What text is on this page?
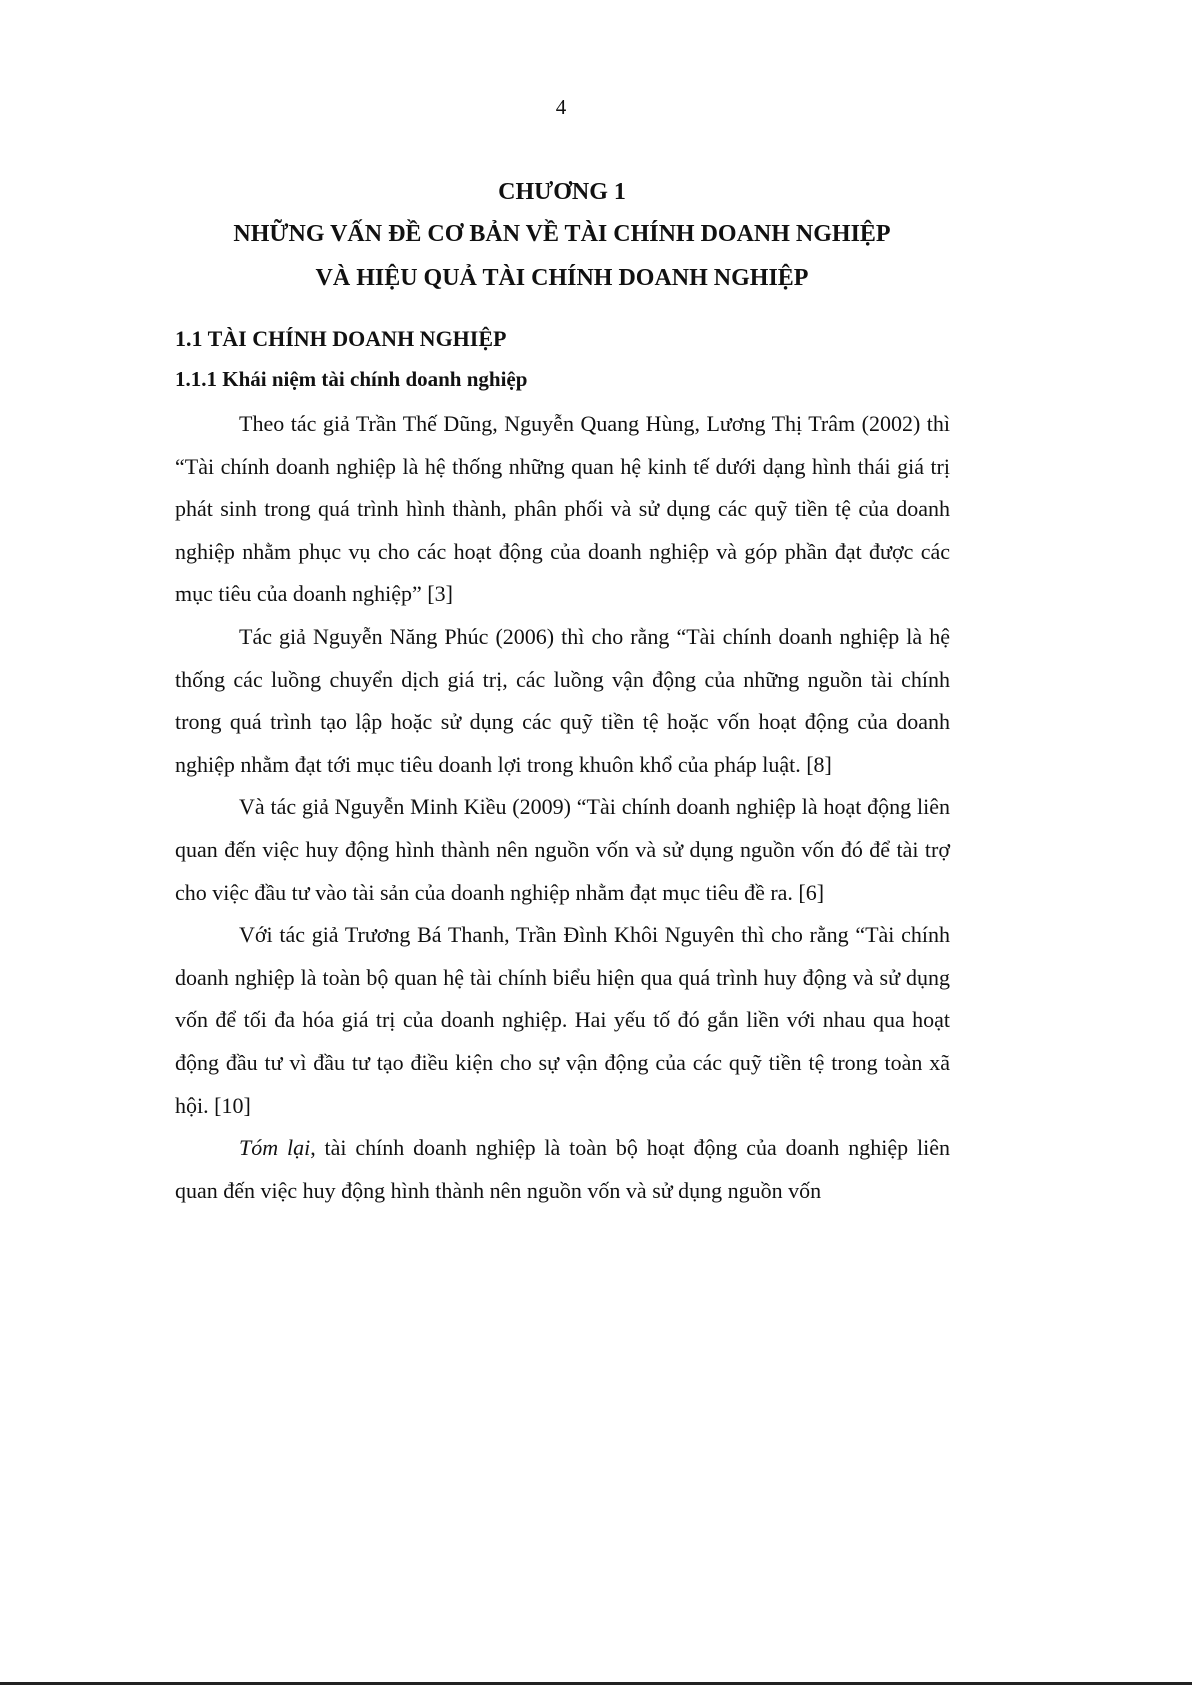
4
CHƯƠNG 1
NHỮNG VẤN ĐỀ CƠ BẢN VỀ TÀI CHÍNH DOANH NGHIỆP
VÀ HIỆU QUẢ TÀI CHÍNH DOANH NGHIỆP
1.1 TÀI CHÍNH DOANH NGHIỆP
1.1.1 Khái niệm tài chính doanh nghiệp

Theo tác giả Trần Thế Dũng, Nguyễn Quang Hùng, Lương Thị Trâm (2002) thì “Tài chính doanh nghiệp là hệ thống những quan hệ kinh tế dưới dạng hình thái giá trị phát sinh trong quá trình hình thành, phân phối và sử dụng các quỹ tiền tệ của doanh nghiệp nhằm phục vụ cho các hoạt động của doanh nghiệp và góp phần đạt được các mục tiêu của doanh nghiệp” [3]

Tác giả Nguyễn Năng Phúc (2006) thì cho rằng “Tài chính doanh nghiệp là hệ thống các luồng chuyển dịch giá trị, các luồng vận động của những nguồn tài chính trong quá trình tạo lập hoặc sử dụng các quỹ tiền tệ hoặc vốn hoạt động của doanh nghiệp nhằm đạt tới mục tiêu doanh lợi trong khuôn khổ của pháp luật. [8]

Và tác giả Nguyễn Minh Kiều (2009) “Tài chính doanh nghiệp là hoạt động liên quan đến việc huy động hình thành nên nguồn vốn và sử dụng nguồn vốn đó để tài trợ cho việc đầu tư vào tài sản của doanh nghiệp nhằm đạt mục tiêu đề ra. [6]

Với tác giả Trương Bá Thanh, Trần Đình Khôi Nguyên thì cho rằng “Tài chính doanh nghiệp là toàn bộ quan hệ tài chính biểu hiện qua quá trình huy động và sử dụng vốn để tối đa hóa giá trị của doanh nghiệp. Hai yếu tố đó gắn liền với nhau qua hoạt động đầu tư vì đầu tư tạo điều kiện cho sự vận động của các quỹ tiền tệ trong toàn xã hội. [10]

Tóm lại, tài chính doanh nghiệp là toàn bộ hoạt động của doanh nghiệp liên quan đến việc huy động hình thành nên nguồn vốn và sử dụng nguồn vốn
